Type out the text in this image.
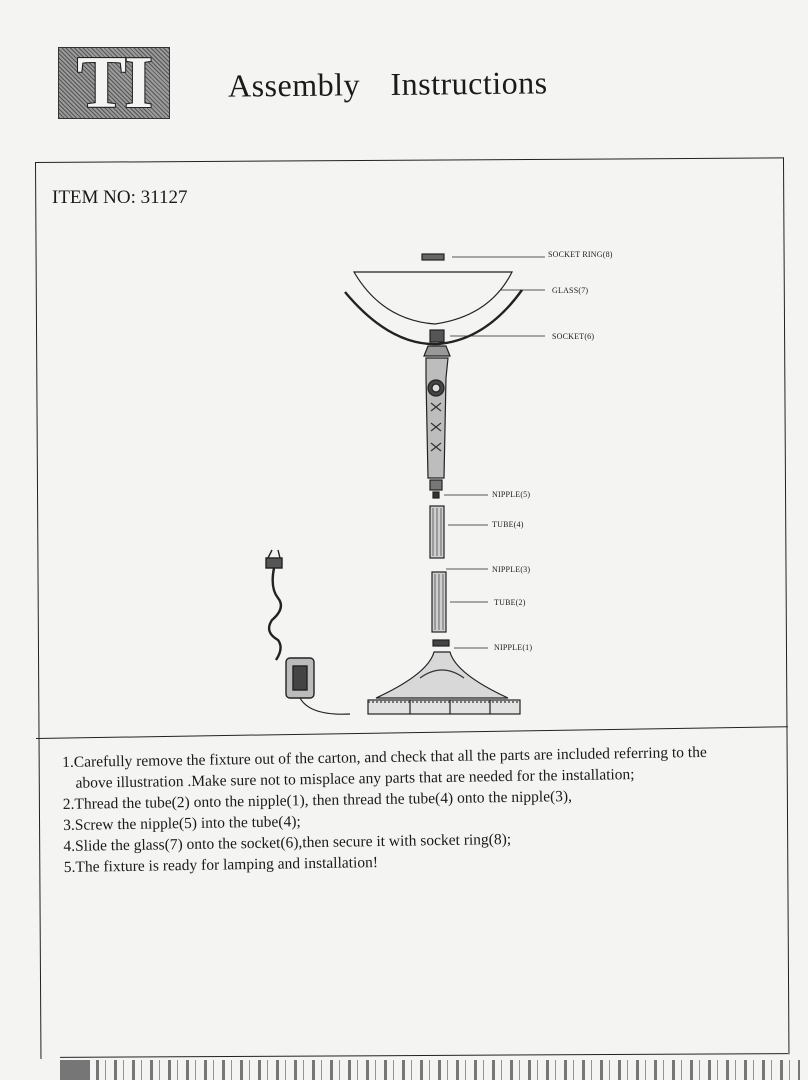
TI Assembly Instructions
ITEM NO: 31127
SOCKET RING(8)
GLASS(7)
SOCKET(6)
NIPPLE(5)
TUBE(4)
NIPPLE(3)
TUBE(2)
NIPPLE(1)

1.Carefully remove the fixture out of the carton, and check that all the parts are included referring to the

above illustration .Make sure not to misplace any parts that are needed for the installation;

2.Thread the tube(2) onto the nipple(1), then thread the tube(4) onto the nipple(3),

3.Screw the nipple(5) into the tube(4);

4.Slide the glass(7) onto the socket(6),then secure it with socket ring(8);

5.The fixture is ready for lamping and installation!
